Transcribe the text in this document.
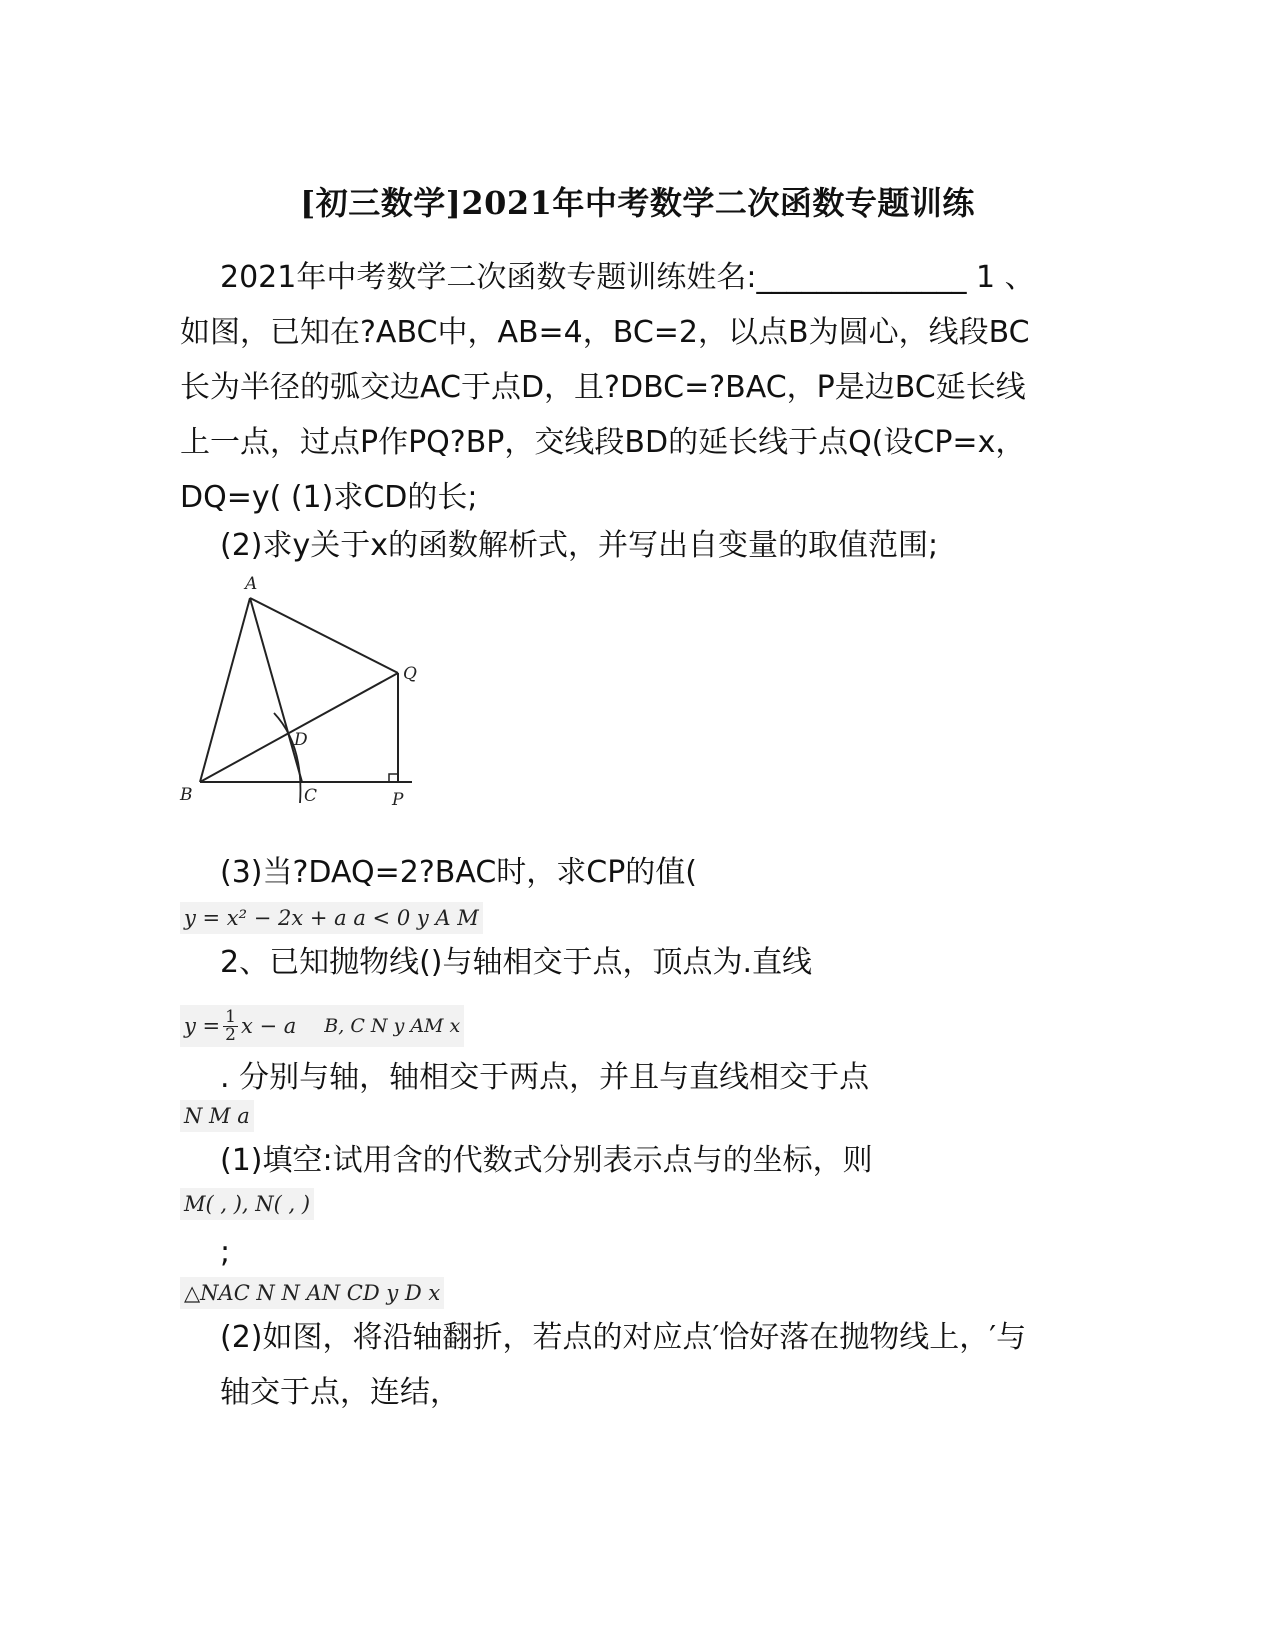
[初三数学]2021年中考数学二次函数专题训练
2021年中考数学二次函数专题训练姓名:______________ 1 、如图，已知在?ABC中，AB=4，BC=2，以点B为圆心，线段BC长为半径的弧交边AC于点D，且?DBC=?BAC，P是边BC延长线上一点，过点P作PQ?BP，交线段BD的延长线于点Q(设CP=x，DQ=y( (1)求CD的长;
(2)求y关于x的函数解析式，并写出自变量的取值范围;
A
B	C
D
P
Q
(3)当?DAQ=2?BAC时，求CP的值(
y = x² − 2x + a a < 0 y A M
2、已知抛物线()与轴相交于点，顶点为.直线
$y = \frac{1}{2}$ x − a B, C N y AM x
. 分别与轴，轴相交于两点，并且与直线相交于点
N M a
(1)填空:试用含的代数式分别表示点与的坐标，则
M( , ), N( , )
;
△NAC N N AN CD y D x
(2)如图，将沿轴翻折，若点的对应点′恰好落在抛物线上，′与轴交于点，连结，
